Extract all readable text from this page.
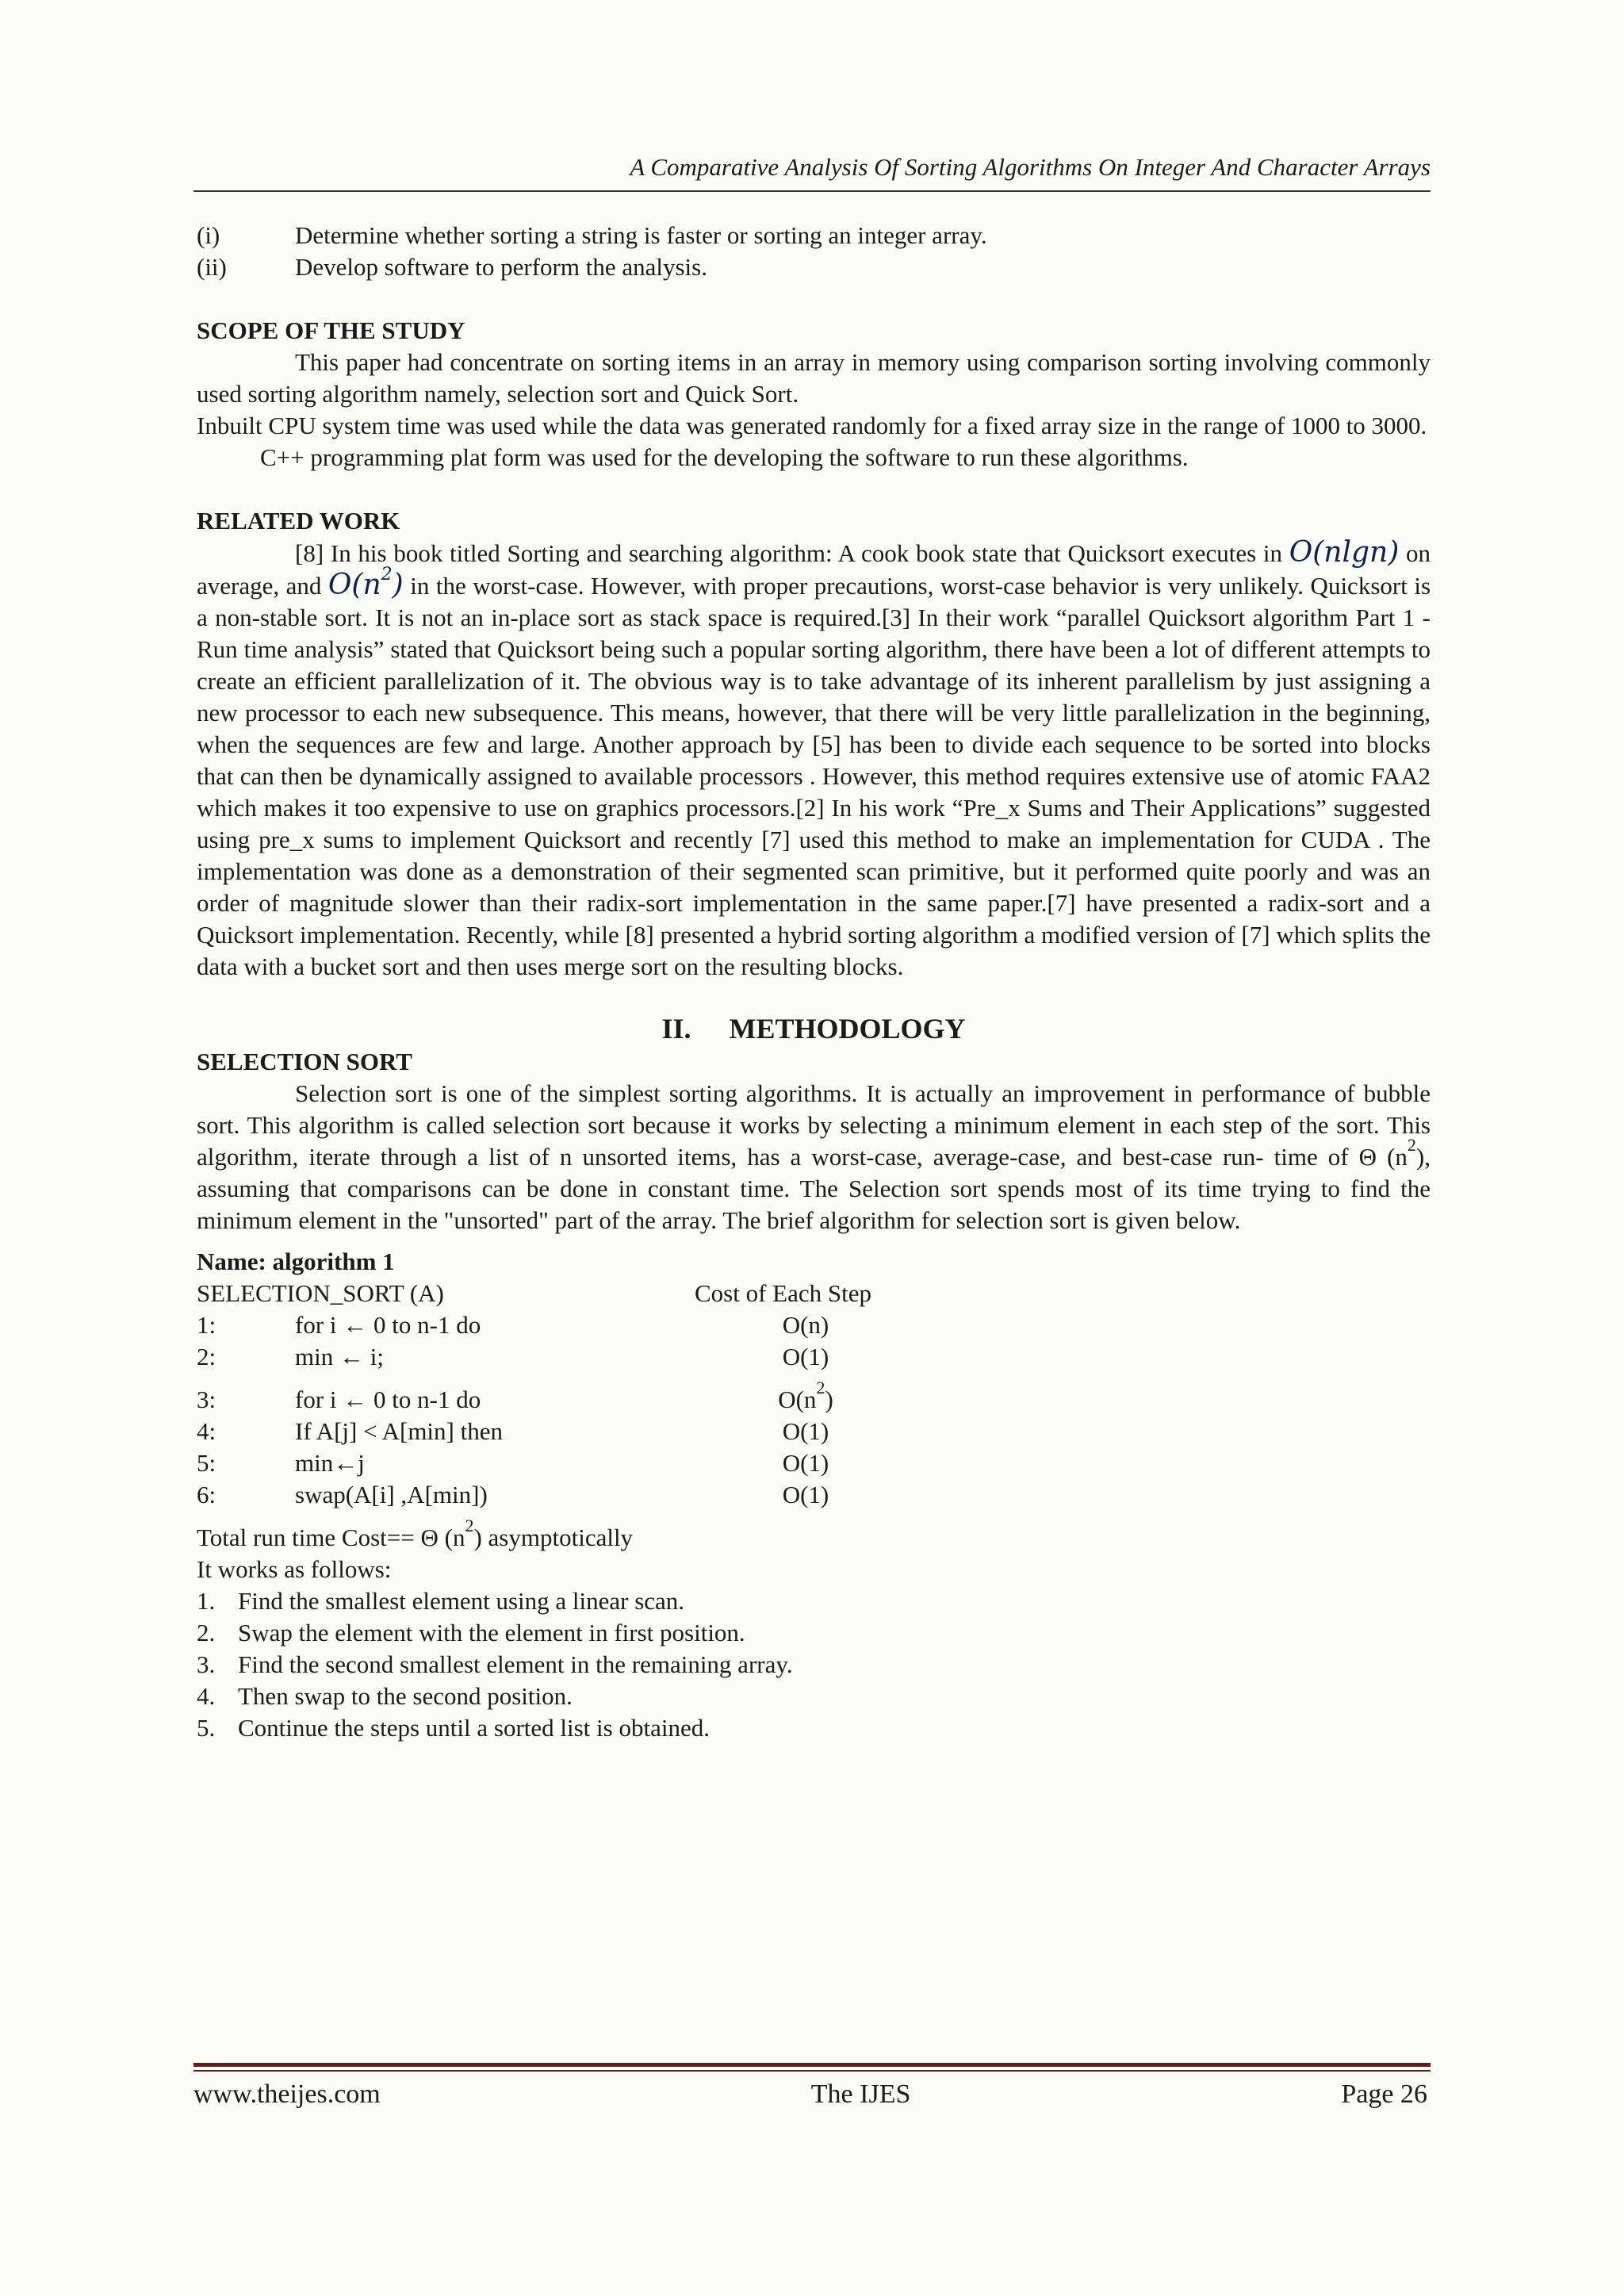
A Comparative Analysis Of Sorting Algorithms On Integer And Character Arrays
(i)	Determine whether sorting a string is faster or sorting an integer array.
(ii)	Develop software to perform the analysis.

SCOPE OF THE STUDY

This paper had concentrate on sorting items in an array in memory using comparison sorting involving commonly used sorting algorithm namely, selection sort and Quick Sort.

Inbuilt CPU system time was used while the data was generated randomly for a fixed array size in the range of 1000 to 3000.

C++ programming plat form was used for the developing the software to run these algorithms.

RELATED WORK

[8] In his book titled Sorting and searching algorithm: A cook book state that Quicksort executes in O(nlgn) on average, and $O(n^2)$ in the worst-case. However, with proper precautions, worst-case behavior is very unlikely. Quicksort is a non-stable sort. It is not an in-place sort as stack space is required.[3] In their work “parallel Quicksort algorithm Part 1 - Run time analysis” stated that Quicksort being such a popular sorting algorithm, there have been a lot of different attempts to create an efficient parallelization of it. The obvious way is to take advantage of its inherent parallelism by just assigning a new processor to each new subsequence. This means, however, that there will be very little parallelization in the beginning, when the sequences are few and large. Another approach by [5] has been to divide each sequence to be sorted into blocks that can then be dynamically assigned to available processors . However, this method requires extensive use of atomic FAA2 which makes it too expensive to use on graphics processors.[2] In his work “Pre_x Sums and Their Applications” suggested using pre_x sums to implement Quicksort and recently [7] used this method to make an implementation for CUDA . The implementation was done as a demonstration of their segmented scan primitive, but it performed quite poorly and was an order of magnitude slower than their radix-sort implementation in the same paper.[7] have presented a radix-sort and a Quicksort implementation. Recently, while [8] presented a hybrid sorting algorithm a modified version of [7] which splits the data with a bucket sort and then uses merge sort on the resulting blocks.

II. METHODOLOGY

SELECTION SORT

Selection sort is one of the simplest sorting algorithms. It is actually an improvement in performance of bubble sort. This algorithm is called selection sort because it works by selecting a minimum element in each step of the sort. This algorithm, iterate through a list of n unsorted items, has a worst-case, average-case, and best-case run- time of Θ $(n^2)$, assuming that comparisons can be done in constant time. The Selection sort spends most of its time trying to find the minimum element in the "unsorted" part of the array. The brief algorithm for selection sort is given below.

Name: algorithm 1

SELECTION_SORT (A)	Cost of Each Step
1:	for i ← 0 to n-1 do	O(n)
2:	min ← i;	O(1)
3:	for i ← 0 to n-1 do	$O(n^2)$
4:	If A[j] < A[min] then	O(1)
5:	min←j	O(1)
6:	swap(A[i] ,A[min])	O(1)

Total run time Cost== Θ $(n^2)$ asymptotically

It works as follows:

1. Find the smallest element using a linear scan.
2. Swap the element with the element in first position.
3. Find the second smallest element in the remaining array.
4. Then swap to the second position.
5. Continue the steps until a sorted list is obtained.
www.theijes.com	The IJES	Page 26
